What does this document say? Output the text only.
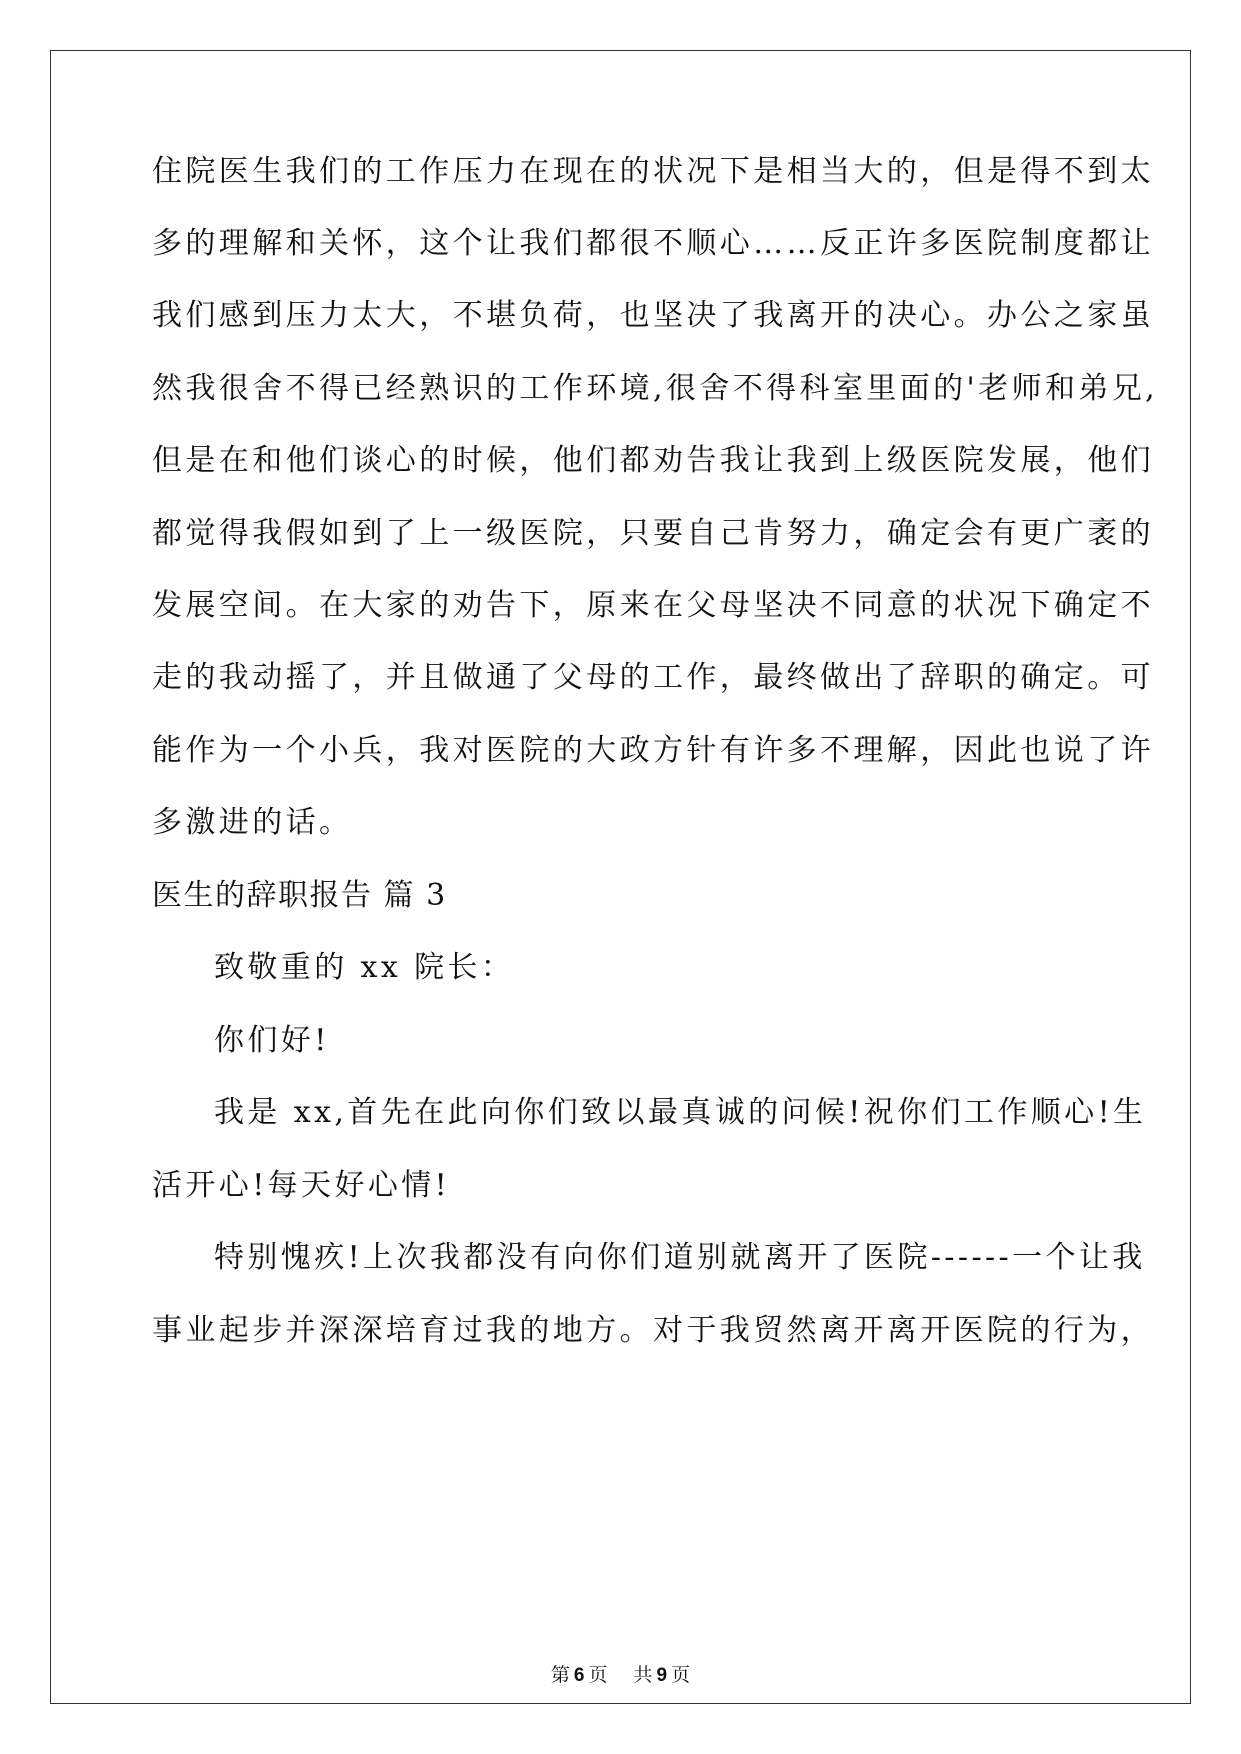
住院医生我们的工作压力在现在的状况下是相当大的，但是得不到太
多的理解和关怀，这个让我们都很不顺心……反正许多医院制度都让
我们感到压力太大，不堪负荷，也坚决了我离开的决心。办公之家虽
然我很舍不得已经熟识的工作环境,很舍不得科室里面的'老师和弟兄,
但是在和他们谈心的时候，他们都劝告我让我到上级医院发展，他们
都觉得我假如到了上一级医院，只要自己肯努力，确定会有更广袤的
发展空间。在大家的劝告下，原来在父母坚决不同意的状况下确定不
走的我动摇了，并且做通了父母的工作，最终做出了辞职的确定。可
能作为一个小兵，我对医院的大政方针有许多不理解，因此也说了许
多激进的话。
医生的辞职报告 篇 3
致敬重的 xx 院长：
你们好!
我是 xx,首先在此向你们致以最真诚的问候!祝你们工作顺心!生
活开心!每天好心情!
特别愧疚!上次我都没有向你们道别就离开了医院------一个让我
事业起步并深深培育过我的地方。对于我贸然离开离开医院的行为，
第 6 页 共 9 页
